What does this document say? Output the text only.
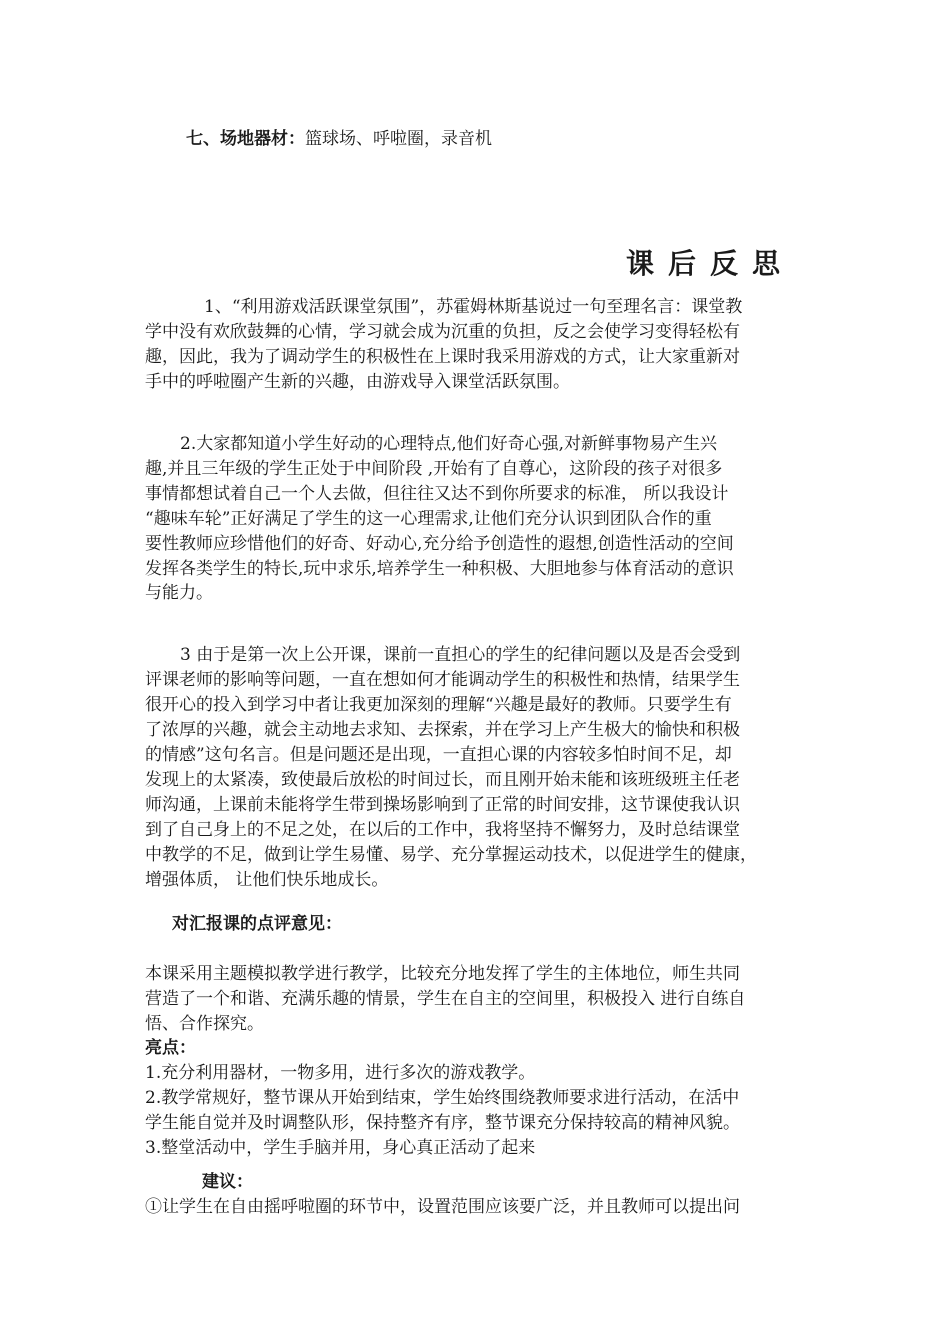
七、场地器材：篮球场、呼啦圈，录音机
课后反思
1、“利用游戏活跃课堂氛围”，苏霍姆林斯基说过一句至理名言：课堂教
学中没有欢欣鼓舞的心情，学习就会成为沉重的负担，反之会使学习变得轻松有
趣，因此，我为了调动学生的积极性在上课时我采用游戏的方式，让大家重新对
手中的呼啦圈产生新的兴趣，由游戏导入课堂活跃氛围。
2.大家都知道小学生好动的心理特点,他们好奇心强,对新鲜事物易产生兴
趣,并且三年级的学生正处于中间阶段 ,开始有了自尊心，这阶段的孩子对很多
事情都想试着自己一个人去做，但往往又达不到你所要求的标准， 所以我设计
“趣味车轮”正好满足了学生的这一心理需求,让他们充分认识到团队合作的重
要性教师应珍惜他们的好奇、好动心,充分给予创造性的遐想,创造性活动的空间
发挥各类学生的特长,玩中求乐,培养学生一种积极、大胆地参与体育活动的意识
与能力。
3 由于是第一次上公开课，课前一直担心的学生的纪律问题以及是否会受到
评课老师的影响等问题，一直在想如何才能调动学生的积极性和热情，结果学生
很开心的投入到学习中者让我更加深刻的理解“兴趣是最好的教师。只要学生有
了浓厚的兴趣，就会主动地去求知、去探索，并在学习上产生极大的愉快和积极
的情感”这句名言。但是问题还是出现，一直担心课的内容较多怕时间不足，却
发现上的太紧凑，致使最后放松的时间过长，而且刚开始未能和该班级班主任老
师沟通，上课前未能将学生带到操场影响到了正常的时间安排，这节课使我认识
到了自己身上的不足之处，在以后的工作中，我将坚持不懈努力，及时总结课堂
中教学的不足，做到让学生易懂、易学、充分掌握运动技术，以促进学生的健康，
增强体质， 让他们快乐地成长。
对汇报课的点评意见：
本课采用主题模拟教学进行教学，比较充分地发挥了学生的主体地位，师生共同
营造了一个和谐、充满乐趣的情景，学生在自主的空间里，积极投入 进行自练自
悟、合作探究。
亮点：
1.充分利用器材，一物多用，进行多次的游戏教学。
2.教学常规好，整节课从开始到结束，学生始终围绕教师要求进行活动，在活中
学生能自觉并及时调整队形，保持整齐有序，整节课充分保持较高的精神风貌。
3.整堂活动中，学生手脑并用，身心真正活动了起来
建议：
①让学生在自由摇呼啦圈的环节中，设置范围应该要广泛，并且教师可以提出问
